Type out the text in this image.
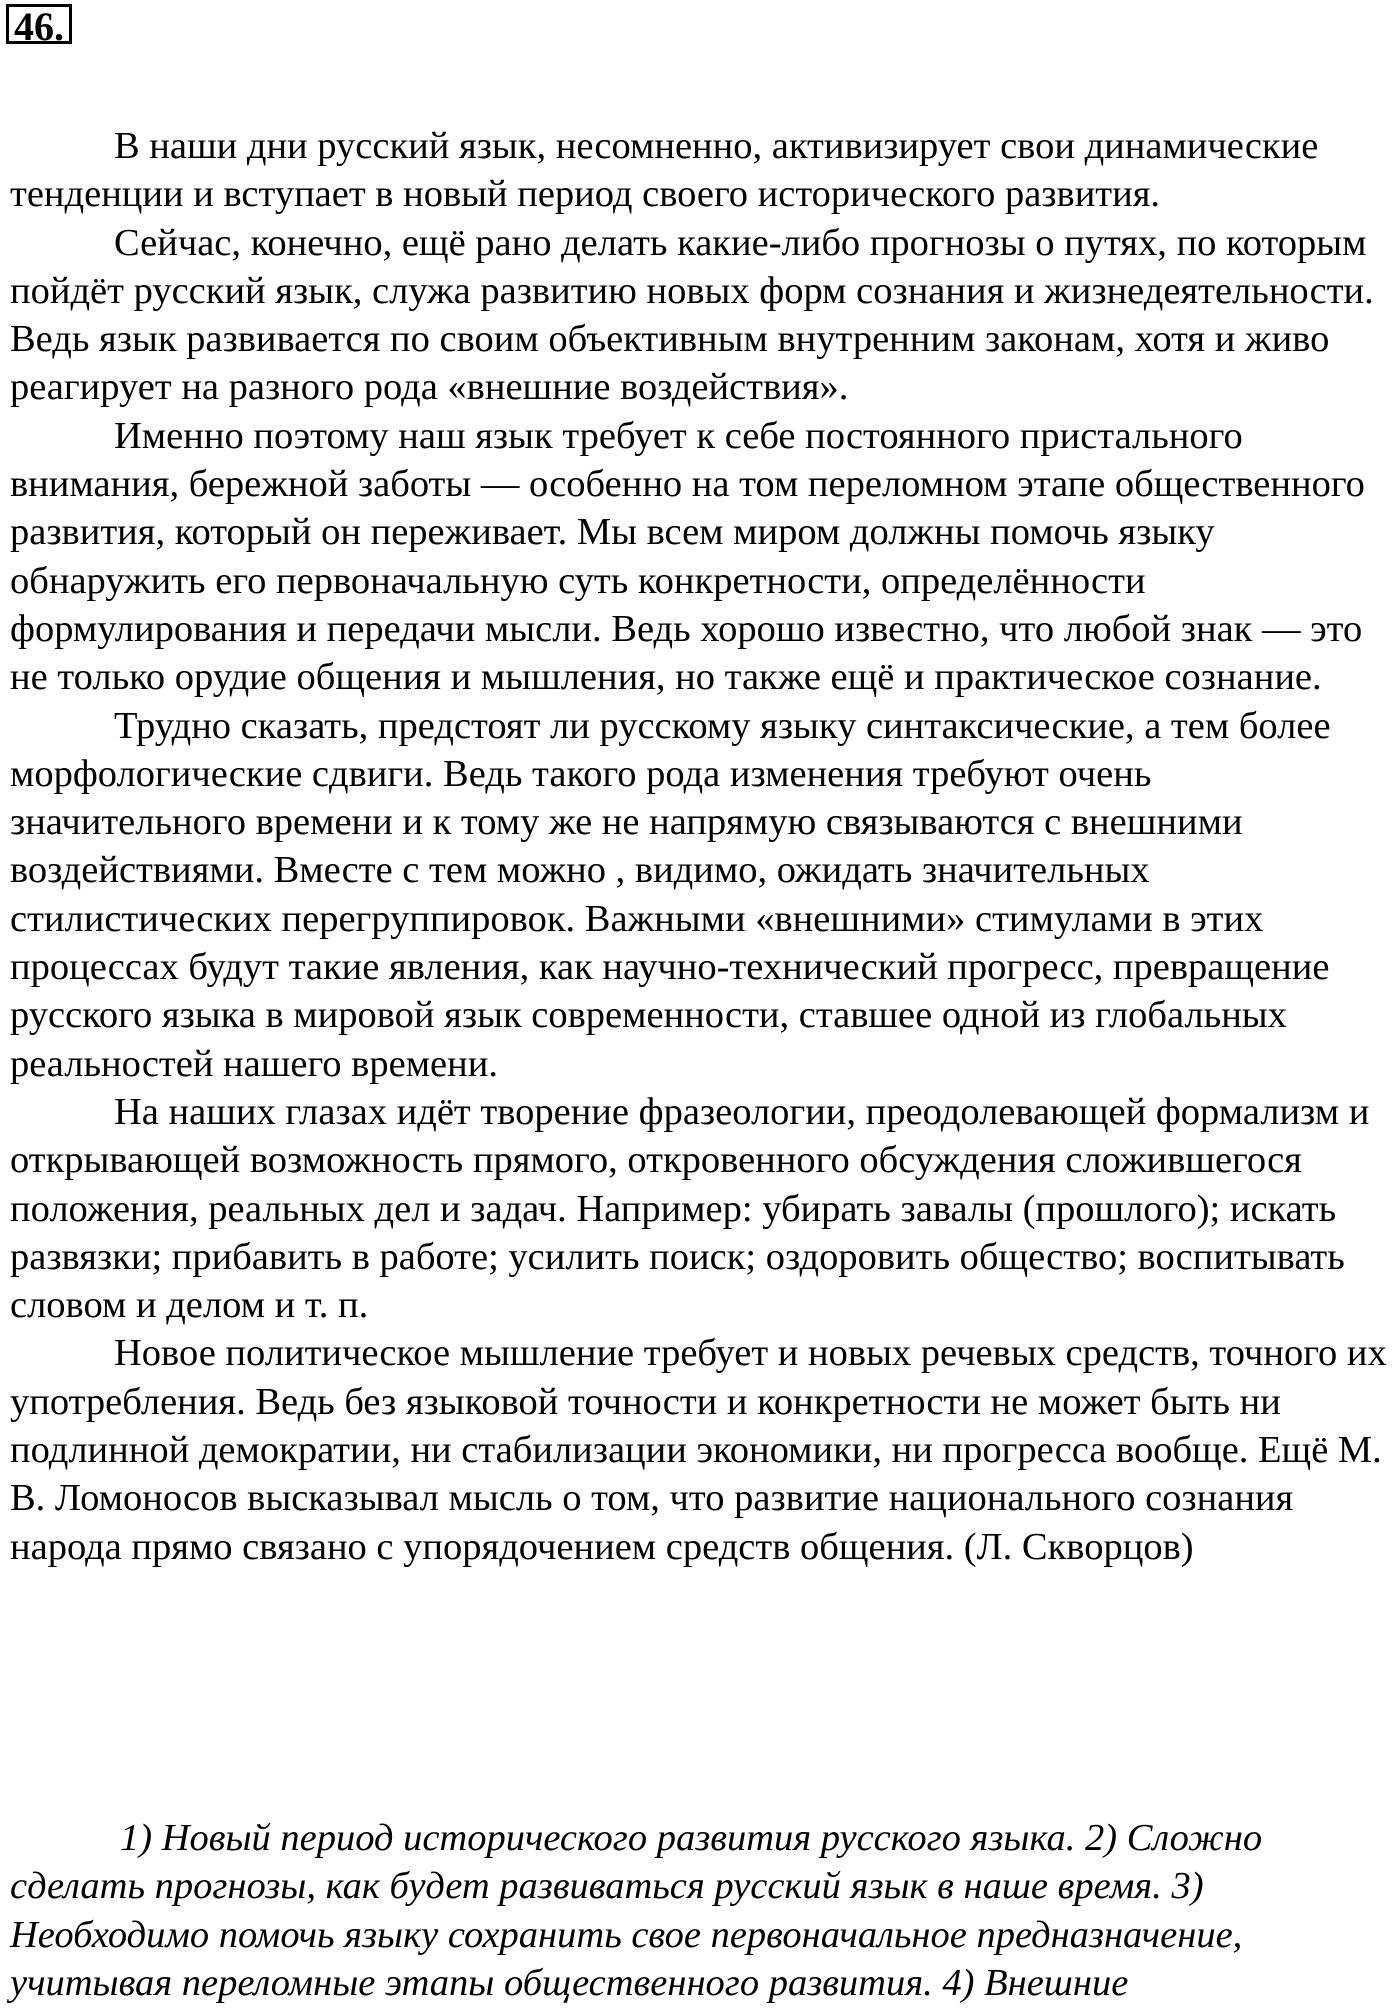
46.

В наши дни русский язык, несомненно, активизирует свои динамические тенденции и вступает в новый период своего исторического развития.

Сейчас, конечно, ещё рано делать какие-либо прогнозы о путях, по которым пойдёт русский язык, служа развитию новых форм сознания и жизнедеятельности. Ведь язык развивается по своим объективным внутренним законам, хотя и живо реагирует на разного рода «внешние воздействия».

Именно поэтому наш язык требует к себе постоянного пристального внимания, бережной заботы — особенно на том переломном этапе общественного развития, который он переживает. Мы всем миром должны помочь языку обнаружить его первоначальную суть конкретности, определённости формулирования и передачи мысли. Ведь хорошо известно, что любой знак — это не только орудие общения и мышления, но также ещё и практическое сознание.

Трудно сказать, предстоят ли русскому языку синтаксические, а тем более морфологические сдвиги. Ведь такого рода изменения требуют очень значительного времени и к тому же не напрямую связываются с внешними воздействиями. Вместе с тем можно , видимо, ожидать значительных стилистических перегруппировок. Важными «внешними» стимулами в этих процессах будут такие явления, как научно-технический прогресс, превращение русского языка в мировой язык современности, ставшее одной из глобальных реальностей нашего времени.

На наших глазах идёт творение фразеологии, преодолевающей формализм и открывающей возможность прямого, откровенного обсуждения сложившегося положения, реальных дел и задач. Например: убирать завалы (прошлого); искать развязки; прибавить в работе; усилить поиск; оздоровить общество; воспитывать словом и делом и т. п.

Новое политическое мышление требует и новых речевых средств, точного их употребления. Ведь без языковой точности и конкретности не может быть ни подлинной демократии, ни стабилизации экономики, ни прогресса вообще. Ещё М. В. Ломоносов высказывал мысль о том, что развитие национального сознания народа прямо связано с упорядочением средств общения. (Л. Скворцов)

1) Новый период исторического развития русского языка. 2) Сложно сделать прогнозы, как будет развиваться русский язык в наше время. 3) Необходимо помочь языку сохранить свое первоначальное предназначение, учитывая переломные этапы общественного развития. 4) Внешние
